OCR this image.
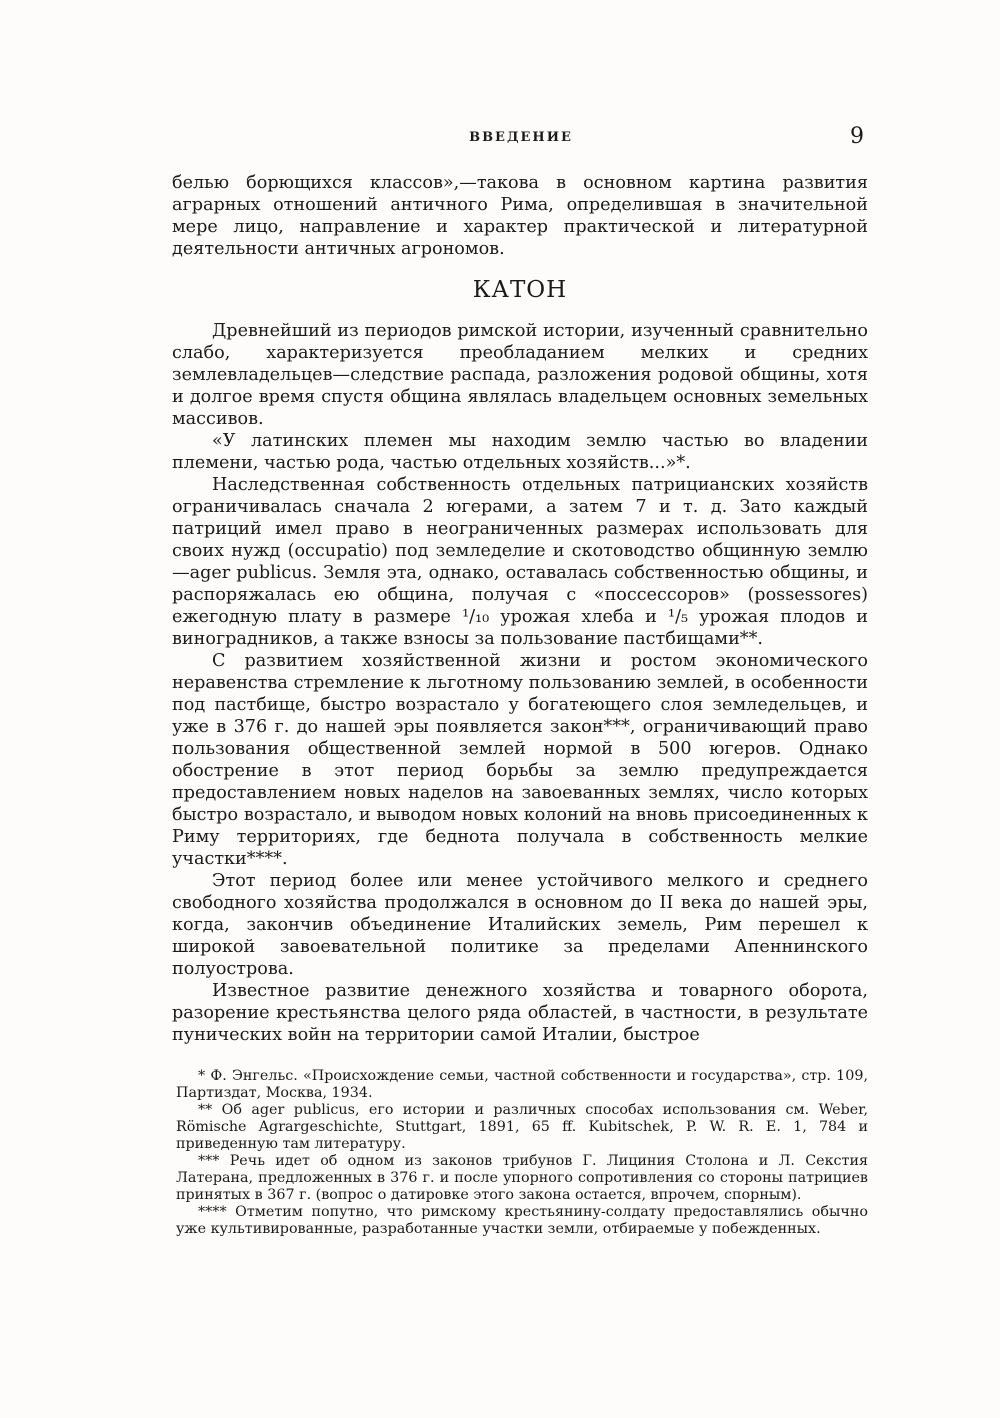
ВВЕДЕНИЕ	9

белью борющихся классов»,—такова в основном картина развития аграрных отношений античного Рима, определившая в значительной мере лицо, направление и характер практической и литературной деятельности античных агрономов.

КАТОН

Древнейший из периодов римской истории, изученный сравнительно слабо, характеризуется преобладанием мелких и средних землевладельцев—следствие распада, разложения родовой общины, хотя и долгое время спустя община являлась владельцем основных земельных массивов.

«У латинских племен мы находим землю частью во владении племени, частью рода, частью отдельных хозяйств...»*.

Наследственная собственность отдельных патрицианских хозяйств ограничивалась сначала 2 югерами, а затем 7 и т. д. Зато каждый патриций имел право в неограниченных размерах использовать для своих нужд (occupatio) под земледелие и скотоводство общинную землю—ager publicus. Земля эта, однако, оставалась собственностью общины, и распоряжалась ею община, получая с «поссессоров» (possessores) ежегодную плату в размере ¹/₁₀ урожая хлеба и ¹/₅ урожая плодов и виноградников, а также взносы за пользование пастбищами**.

С развитием хозяйственной жизни и ростом экономического неравенства стремление к льготному пользованию землей, в особенности под пастбище, быстро возрастало у богатеющего слоя земледельцев, и уже в 376 г. до нашей эры появляется закон***, ограничивающий право пользования общественной землей нормой в 500 югеров. Однако обострение в этот период борьбы за землю предупреждается предоставлением новых наделов на завоеванных землях, число которых быстро возрастало, и выводом новых колоний на вновь присоединенных к Риму территориях, где беднота получала в собственность мелкие участки****.

Этот период более или менее устойчивого мелкого и среднего свободного хозяйства продолжался в основном до II века до нашей эры, когда, закончив объединение Италийских земель, Рим перешел к широкой завоевательной политике за пределами Апеннинского полуострова.

Известное развитие денежного хозяйства и товарного оборота, разорение крестьянства целого ряда областей, в частности, в результате пунических войн на территории самой Италии, быстрое

* Ф. Энгельс. «Происхождение семьи, частной собственности и государства», стр. 109, Партиздат, Москва, 1934.

** Об ager publicus, его истории и различных способах использования см. Weber, Römische Agrargeschichte, Stuttgart, 1891, 65 ff. Kubitschek, P. W. R. E. 1, 784 и приведенную там литературу.

*** Речь идет об одном из законов трибунов Г. Лициния Столона и Л. Секстия Латерана, предложенных в 376 г. и после упорного сопротивления со стороны патрициев принятых в 367 г. (вопрос о датировке этого закона остается, впрочем, спорным).

**** Отметим попутно, что римскому крестьянину-солдату предоставлялись обычно уже культивированные, разработанные участки земли, отбираемые у побежденных.
